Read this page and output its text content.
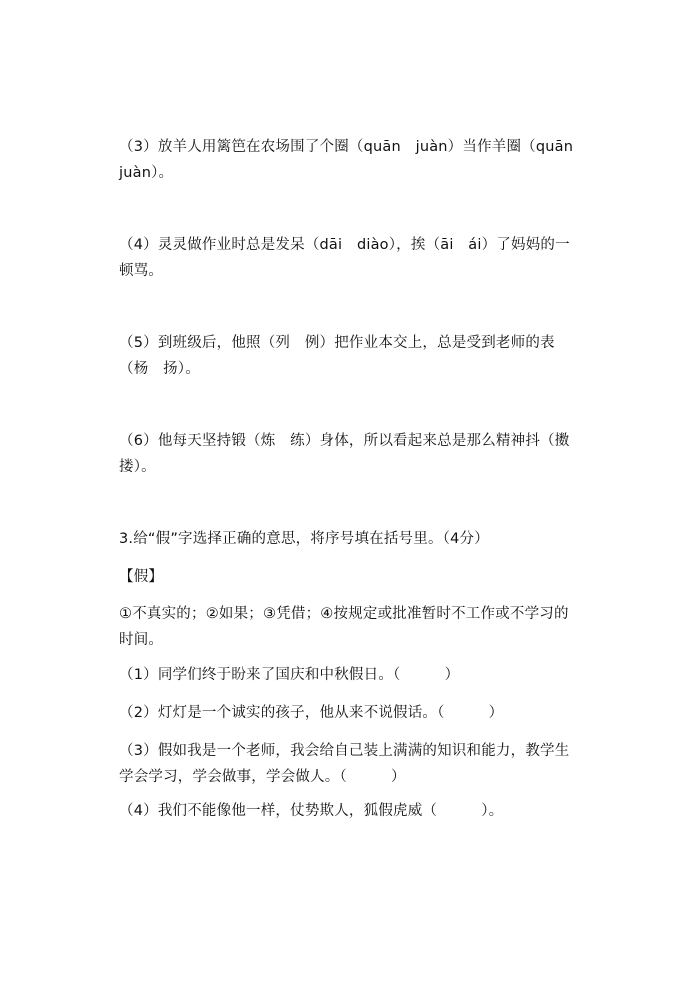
（3）放羊人用篱笆在农场围了个圈（quān　juàn）当作羊圈（quān juàn）。
（4）灵灵做作业时总是发呆（dāi　diào），挨（āi　ái）了妈妈的一顿骂。
（5）到班级后，他照（列　例）把作业本交上，总是受到老师的表（杨　扬）。
（6）他每天坚持锻（炼　练）身体，所以看起来总是那么精神抖（擞　搂）。
3.给“假”字选择正确的意思，将序号填在括号里。（4分）
【假】
①不真实的；②如果；③凭借；④按规定或批准暂时不工作或不学习的时间。
（1）同学们终于盼来了国庆和中秋假日。（　　　）
（2）灯灯是一个诚实的孩子，他从来不说假话。（　　　）
（3）假如我是一个老师，我会给自己装上满满的知识和能力，教学生学会学习，学会做事，学会做人。（　　　）
（4）我们不能像他一样，仗势欺人，狐假虎威（　　　）。
